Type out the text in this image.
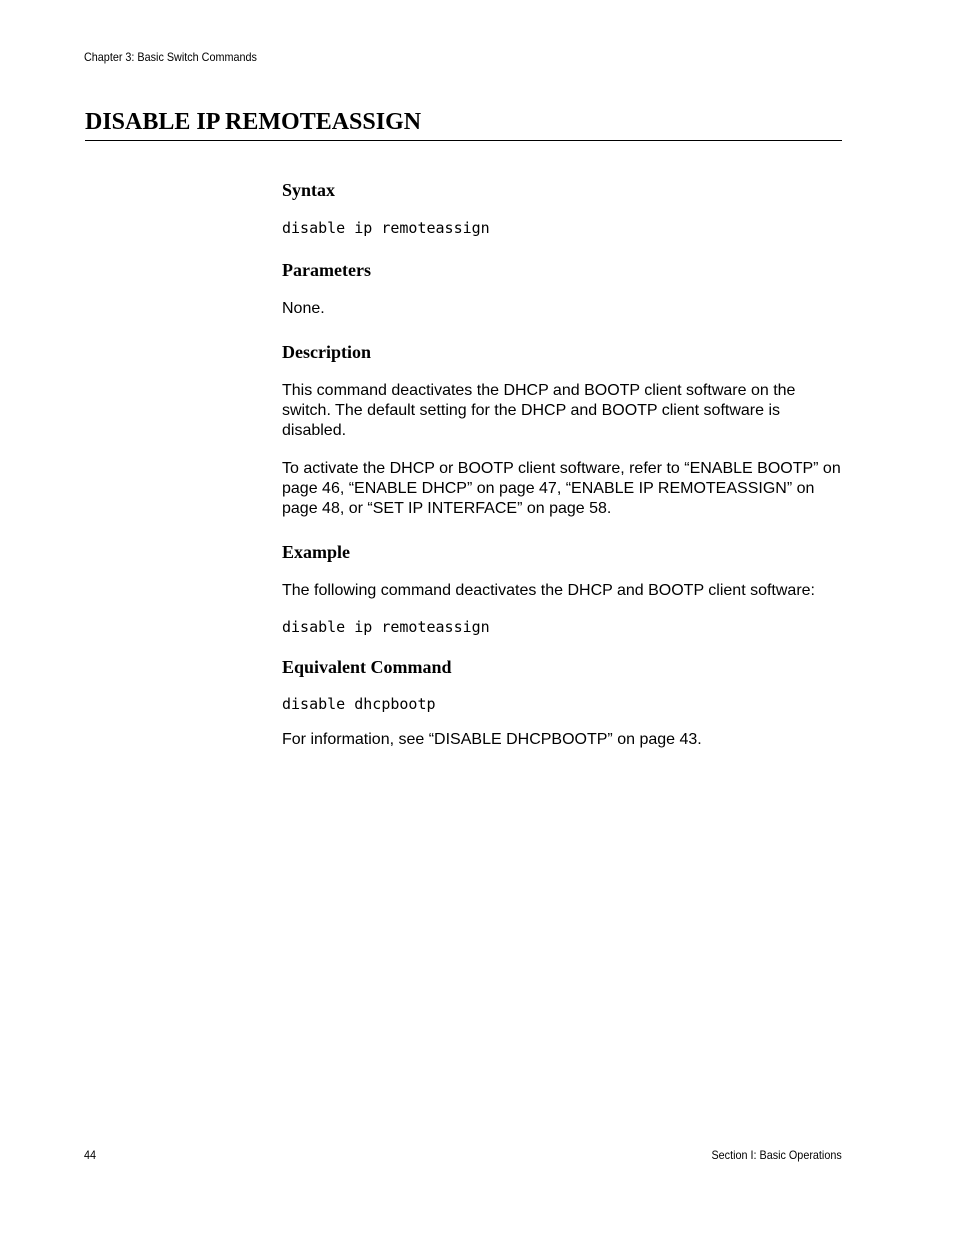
Chapter 3: Basic Switch Commands
DISABLE IP REMOTEASSIGN
Syntax
disable ip remoteassign
Parameters

None.

Description

This command deactivates the DHCP and BOOTP client software on the switch. The default setting for the DHCP and BOOTP client software is disabled.

To activate the DHCP or BOOTP client software, refer to “ENABLE BOOTP” on page 46, “ENABLE DHCP” on page 47, “ENABLE IP REMOTEASSIGN” on page 48, or “SET IP INTERFACE” on page 58.

Example

The following command deactivates the DHCP and BOOTP client software:

disable ip remoteassign
Equivalent Command
disable dhcpbootp

For information, see “DISABLE DHCPBOOTP” on page 43.

44	Section I: Basic Operations
